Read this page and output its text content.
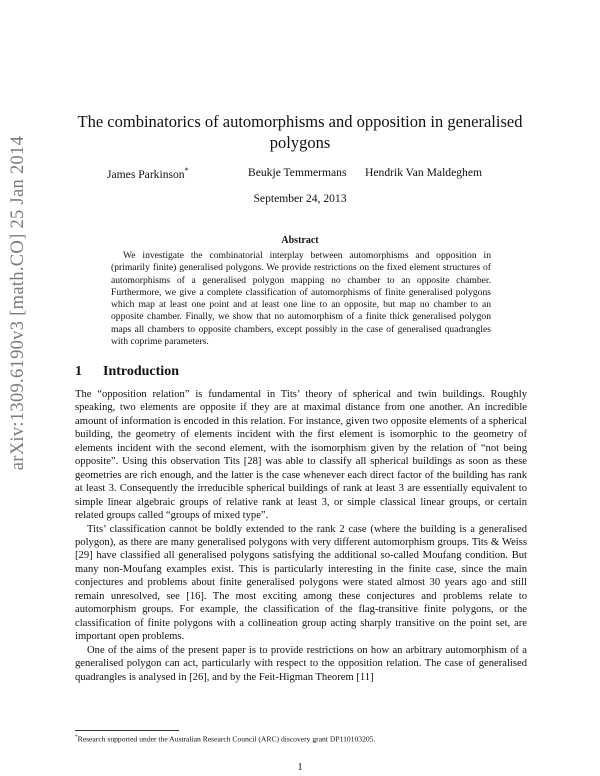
arXiv:1309.6190v3 [math.CO] 25 Jan 2014
The combinatorics of automorphisms and opposition in generalised polygons
James Parkinson*	Beukje Temmermans Hendrik Van Maldeghem
September 24, 2013
Abstract
We investigate the combinatorial interplay between automorphisms and opposition in (primarily finite) generalised polygons. We provide restrictions on the fixed element structures of automorphisms of a generalised polygon mapping no chamber to an opposite chamber. Furthermore, we give a complete classification of automorphisms of finite generalised polygons which map at least one point and at least one line to an opposite, but map no chamber to an opposite chamber. Finally, we show that no automorphism of a finite thick generalised polygon maps all chambers to opposite chambers, except possibly in the case of generalised quadrangles with coprime parameters.
1 Introduction

The “opposition relation” is fundamental in Tits’ theory of spherical and twin buildings. Roughly speaking, two elements are opposite if they are at maximal distance from one another. An incredible amount of information is encoded in this relation. For instance, given two opposite elements of a spherical building, the geometry of elements incident with the first element is isomorphic to the geometry of elements incident with the second element, with the isomorphism given by the relation of “not being opposite”. Using this observation Tits [28] was able to classify all spherical buildings as soon as these geometries are rich enough, and the latter is the case whenever each direct factor of the building has rank at least 3. Consequently the irreducible spherical buildings of rank at least 3 are essentially equivalent to simple linear algebraic groups of relative rank at least 3, or simple classical linear groups, or certain related groups called “groups of mixed type”.

Tits’ classification cannot be boldly extended to the rank 2 case (where the building is a generalised polygon), as there are many generalised polygons with very different automorphism groups. Tits & Weiss [29] have classified all generalised polygons satisfying the additional so-called Moufang condition. But many non-Moufang examples exist. This is particularly interesting in the finite case, since the main conjectures and problems about finite generalised polygons were stated almost 30 years ago and still remain unresolved, see [16]. The most exciting among these conjectures and problems relate to automorphism groups. For example, the classification of the flag-transitive finite polygons, or the classification of finite polygons with a collineation group acting sharply transitive on the point set, are important open problems.

One of the aims of the present paper is to provide restrictions on how an arbitrary automorphism of a generalised polygon can act, particularly with respect to the opposition relation. The case of generalised quadrangles is analysed in [26], and by the Feit-Higman Theorem [11]

*Research supported under the Australian Research Council (ARC) discovery grant DP110103205.
1
